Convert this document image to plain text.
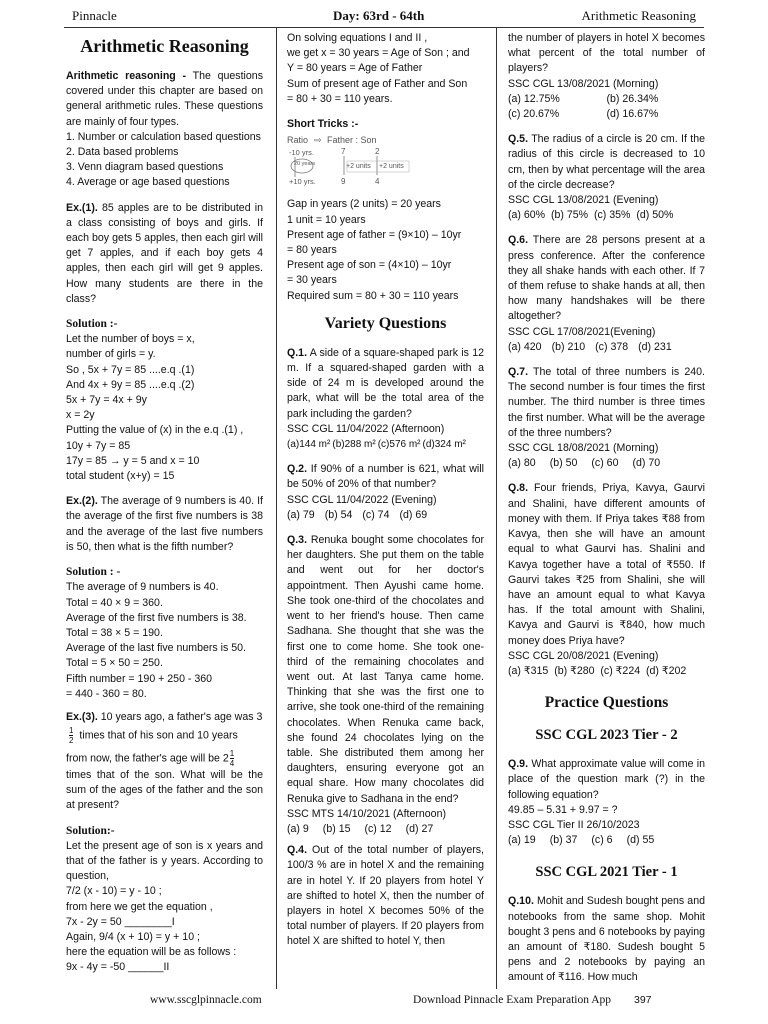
Pinnacle	Day: 63rd - 64th	Arithmetic Reasoning
Arithmetic Reasoning

Arithmetic reasoning - The questions covered under this chapter are based on general arithmetic rules. These questions are mainly of four types.

1. Number or calculation based questions
2. Data based problems
3. Venn diagram based questions
4. Average or age based questions

Ex.(1). 85 apples are to be distributed in a class consisting of boys and girls. If each boy gets 5 apples, then each girl will get 7 apples, and if each boy gets 4 apples, then each girl will get 9 apples. How many students are there in the class?

Solution :-
Let the number of boys = x,
number of girls = y.
So , 5x + 7y = 85 ....e.q .(1)
And 4x + 9y = 85 ....e.q .(2)
5x + 7y = 4x + 9y
x = 2y
Putting the value of (x) in the e.q .(1) ,
10y + 7y = 85
17y = 85 → y = 5 and x = 10
total student (x+y) = 15

Ex.(2). The average of 9 numbers is 40. If the average of the first five numbers is 38 and the average of the last five numbers is 50, then what is the fifth number?

Solution : -
The average of 9 numbers is 40.
Total = 40 × 9 = 360.
Average of the first five numbers is 38.
Total = 38 × 5 = 190.
Average of the last five numbers is 50.
Total = 5 × 50 = 250.
Fifth number = 190 + 250 - 360
= 440 - 360 = 80.
Ex.(3). 10 years ago, a father's age was 3
$\frac{1}{2}$ times that of his son and 10 years
from now, the father's age will be $2 \frac{1}{4}$

times that of the son. What will be the sum of the ages of the father and the son at present?

Solution:-

Let the present age of son is x years and that of the father is y years. According to question,

7/2 (x - 10) = y - 10 ;
from here we get the equation ,
7x - 2y = 50 ________I
Again, 9/4 (x + 10) = y + 10 ;
here the equation will be as follows :
9x - 4y = -50 ______II
On solving equations I and II ,
we get x = 30 years = Age of Son ; and
Y = 80 years = Age of Father
Sum of present age of Father and Son
= 80 + 30 = 110 years.
Short Tricks :-
Ratio ⇨ Father : Son
-10 yrs.	7	2
20 years	+2 units +2 units
+10 yrs.	9	4
Gap in years (2 units) = 20 years
1 unit = 10 years
Present age of father = (9×10) – 10yr
= 80 years
Present age of son = (4×10) – 10yr
= 30 years
Required sum = 80 + 30 = 110 years
Variety Questions

Q.1. A side of a square-shaped park is 12 m. If a squared-shaped garden with a side of 24 m is developed around the park, what will be the total area of the park including the garden?

SSC CGL 11/04/2022 (Afternoon)
(a)144 m² (b)288 m² (c)576 m² (d)324 m²

Q.2. If 90% of a number is 621, what will be 50% of 20% of that number?

SSC CGL 11/04/2022 (Evening)
(a) 79 (b) 54 (c) 74 (d) 69

Q.3. Renuka bought some chocolates for her daughters. She put them on the table and went out for her doctor's appointment. Then Ayushi came home. She took one-third of the chocolates and went to her friend's house. Then came Sadhana. She thought that she was the first one to come home. She took one-third of the remaining chocolates and went out. At last Tanya came home. Thinking that she was the first one to arrive, she took one-third of the remaining chocolates. When Renuka came back, she found 24 chocolates lying on the table. She distributed them among her daughters, ensuring everyone got an equal share. How many chocolates did Renuka give to Sadhana in the end?

SSC MTS 14/10/2021 (Afternoon)
(a) 9 (b) 15 (c) 12 (d) 27

Q.4. Out of the total number of players, 100/3 % are in hotel X and the remaining are in hotel Y. If 20 players from hotel Y are shifted to hotel X, then the number of players in hotel X becomes 50% of the total number of players. If 20 players from hotel X are shifted to hotel Y, then

the number of players in hotel X becomes what percent of the total number of players?

SSC CGL 13/08/2021 (Morning)
(a) 12.75%	(b) 26.34%
(c) 20.67%	(d) 16.67%

Q.5. The radius of a circle is 20 cm. If the radius of this circle is decreased to 10 cm, then by what percentage will the area of the circle decrease?

SSC CGL 13/08/2021 (Evening)
(a) 60%  (b) 75%  (c) 35%  (d) 50%

Q.6. There are 28 persons present at a press conference. After the conference they all shake hands with each other. If 7 of them refuse to shake hands at all, then how many handshakes will be there altogether?

SSC CGL 17/08/2021(Evening)
(a) 420 (b) 210 (c) 378 (d) 231

Q.7. The total of three numbers is 240. The second number is four times the first number. The third number is three times the first number. What will be the average of the three numbers?

SSC CGL 18/08/2021 (Morning)
(a) 80 (b) 50 (c) 60 (d) 70

Q.8. Four friends, Priya, Kavya, Gaurvi and Shalini, have different amounts of money with them. If Priya takes ₹88 from Kavya, then she will have an amount equal to what Gaurvi has. Shalini and Kavya together have a total of ₹550. If Gaurvi takes ₹25 from Shalini, she will have an amount equal to what Kavya has. If the total amount with Shalini, Kavya and Gaurvi is ₹840, how much money does Priya have?

SSC CGL 20/08/2021 (Evening)
(a) ₹315  (b) ₹280  (c) ₹224  (d) ₹202
Practice Questions
SSC CGL 2023 Tier - 2

Q.9. What approximate value will come in place of the question mark (?) in the following equation?

49.85 – 5.31 + 9.97 = ?
SSC CGL Tier II 26/10/2023
(a) 19 (b) 37 (c) 6 (d) 55
SSC CGL 2021 Tier - 1

Q.10. Mohit and Sudesh bought pens and notebooks from the same shop. Mohit bought 3 pens and 6 notebooks by paying an amount of ₹180. Sudesh bought 5 pens and 2 notebooks by paying an amount of ₹116. How much

www.sscglpinnacle.com	Download Pinnacle Exam Preparation App 397
